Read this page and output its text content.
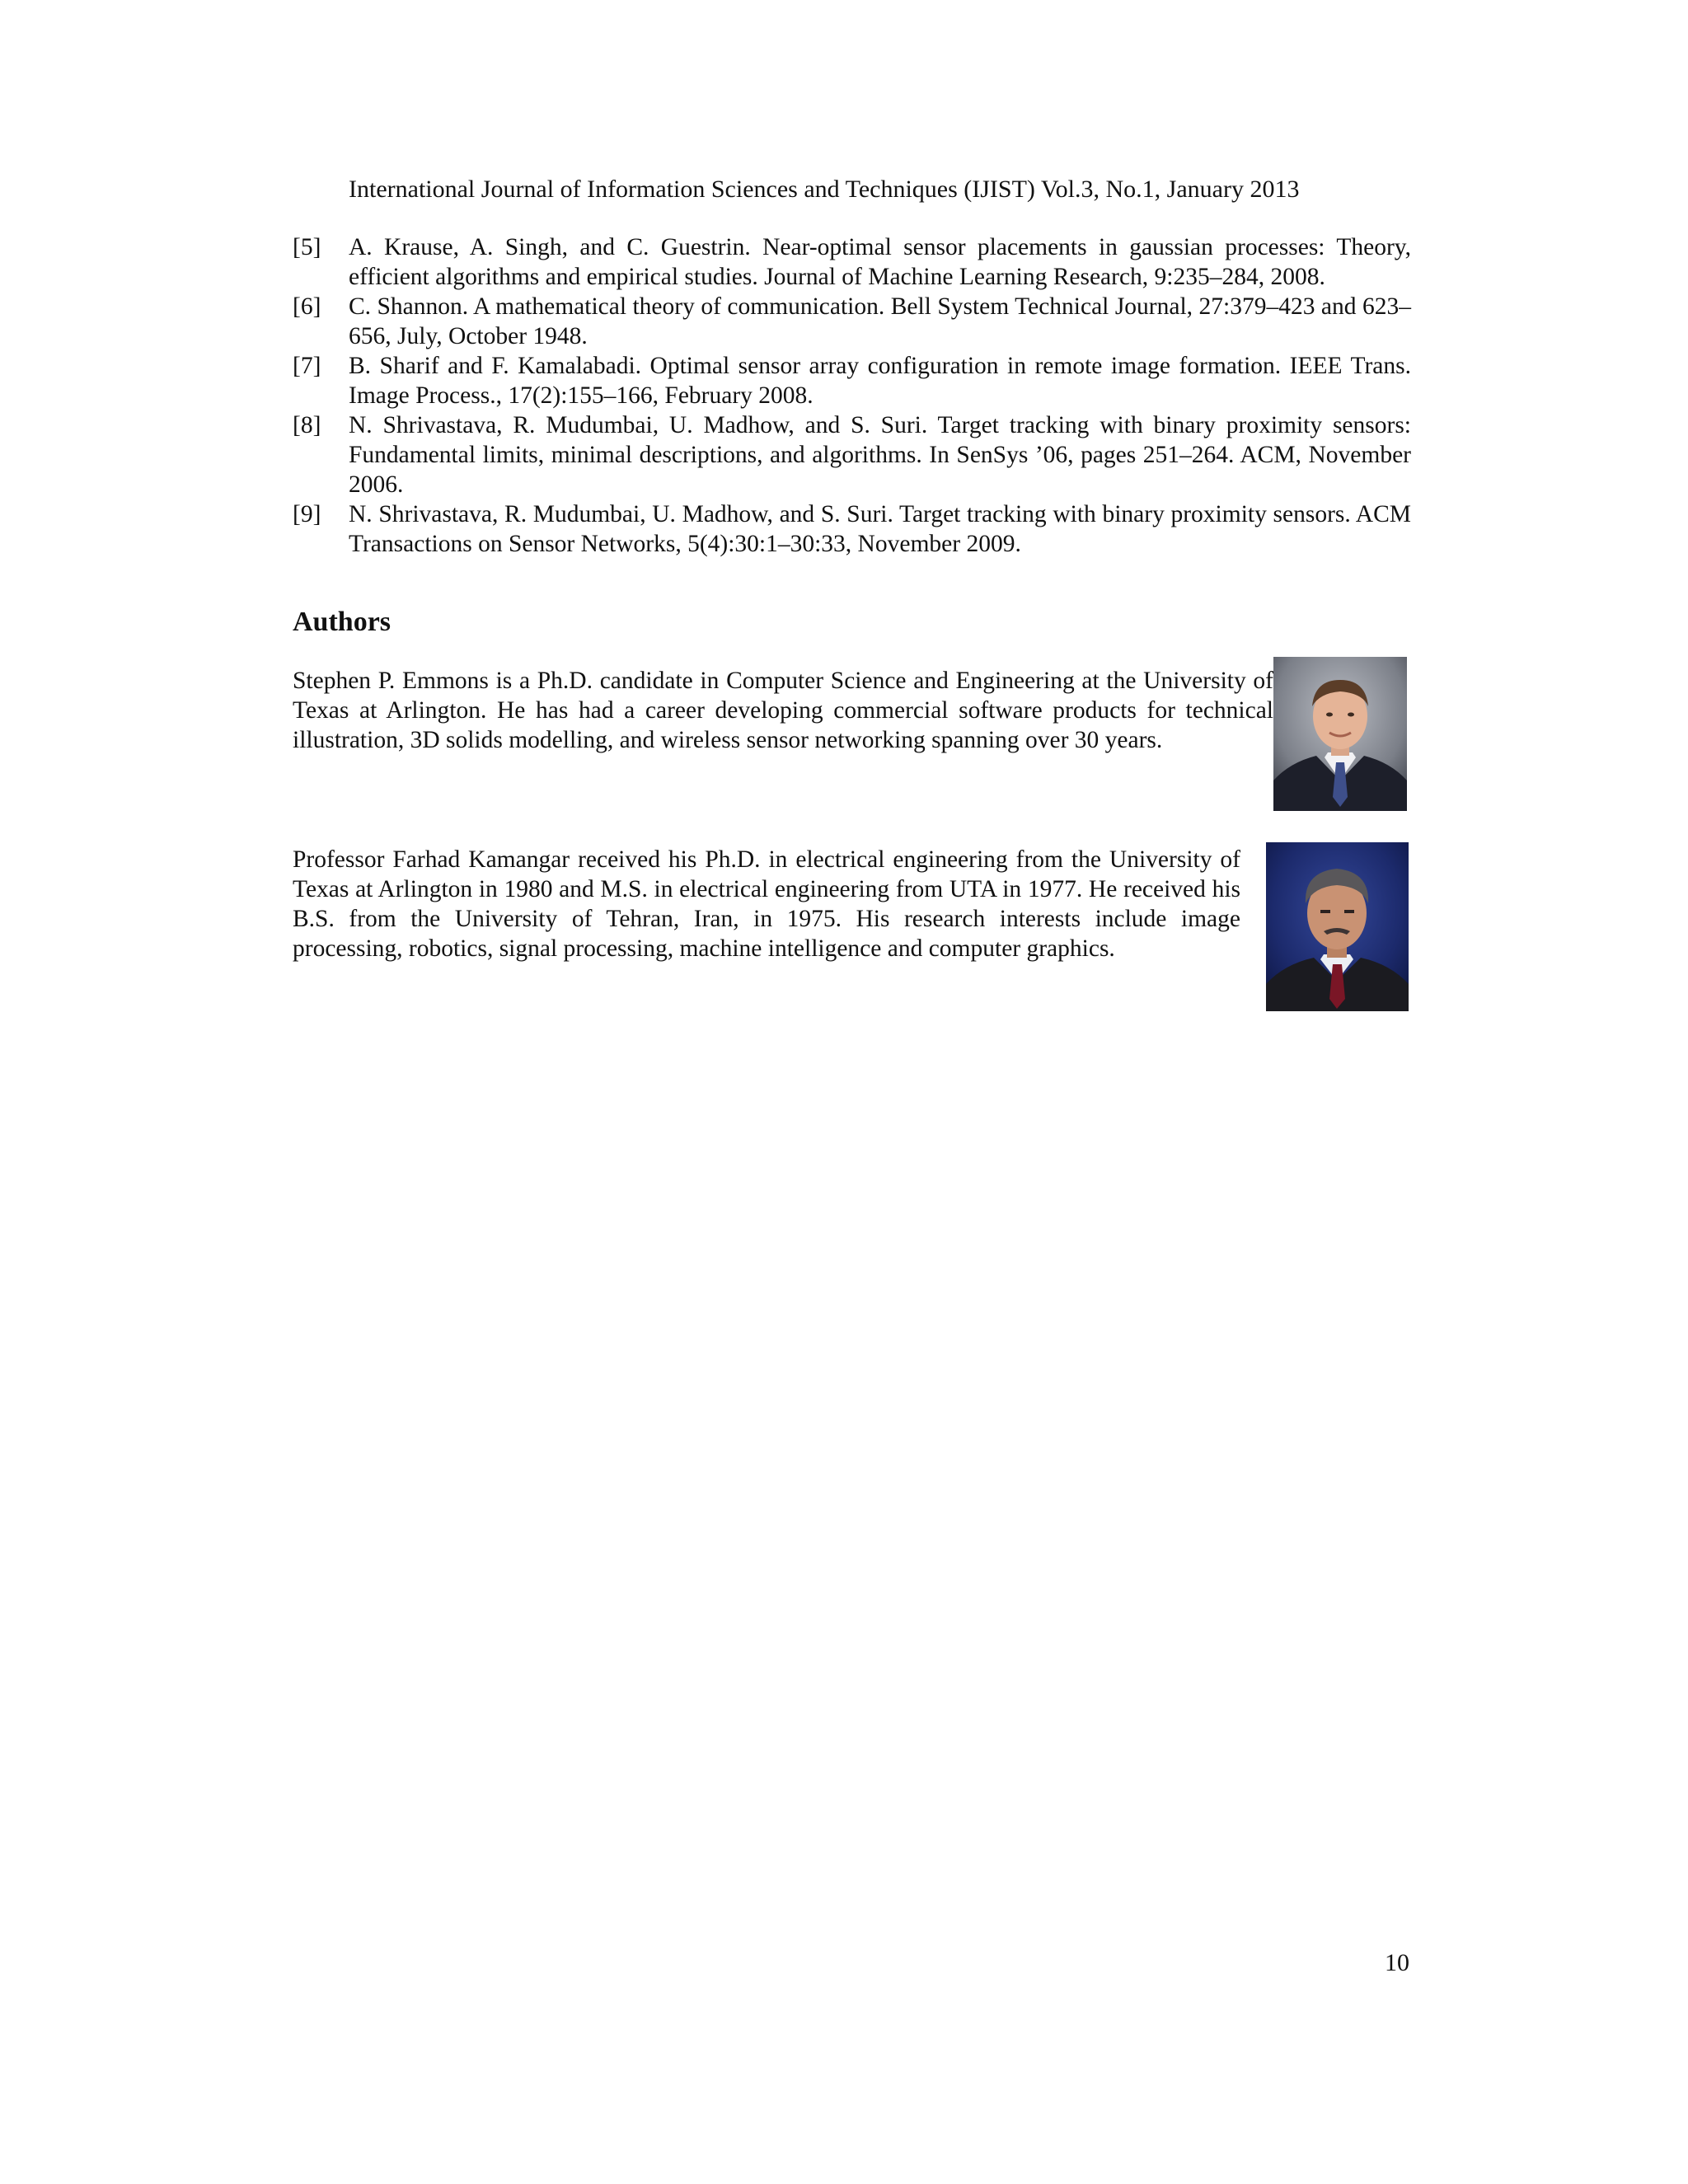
International Journal of Information Sciences and Techniques (IJIST) Vol.3, No.1, January 2013
[5]	A. Krause, A. Singh, and C. Guestrin. Near-optimal sensor placements in gaussian processes: Theory, efficient algorithms and empirical studies. Journal of Machine Learning Research, 9:235–284, 2008.
[6]	C. Shannon. A mathematical theory of communication. Bell System Technical Journal, 27:379–423 and 623–656, July, October 1948.
[7]	B. Sharif and F. Kamalabadi. Optimal sensor array configuration in remote image formation. IEEE Trans. Image Process., 17(2):155–166, February 2008.
[8]	N. Shrivastava, R. Mudumbai, U. Madhow, and S. Suri. Target tracking with binary proximity sensors: Fundamental limits, minimal descriptions, and algorithms. In SenSys ’06, pages 251–264. ACM, November 2006.
[9]	N. Shrivastava, R. Mudumbai, U. Madhow, and S. Suri. Target tracking with binary proximity sensors. ACM Transactions on Sensor Networks, 5(4):30:1–30:33, November 2009.
Authors

Stephen P. Emmons is a Ph.D. candidate in Computer Science and Engineering at the University of Texas at Arlington. He has had a career developing commercial software products for technical illustration, 3D solids modelling, and wireless sensor networking spanning over 30 years.

Professor Farhad Kamangar received his Ph.D. in electrical engineering from the University of Texas at Arlington in 1980 and M.S. in electrical engineering from UTA in 1977. He received his B.S. from the University of Tehran, Iran, in 1975. His research interests include image processing, robotics, signal processing, machine intelligence and computer graphics.

10
